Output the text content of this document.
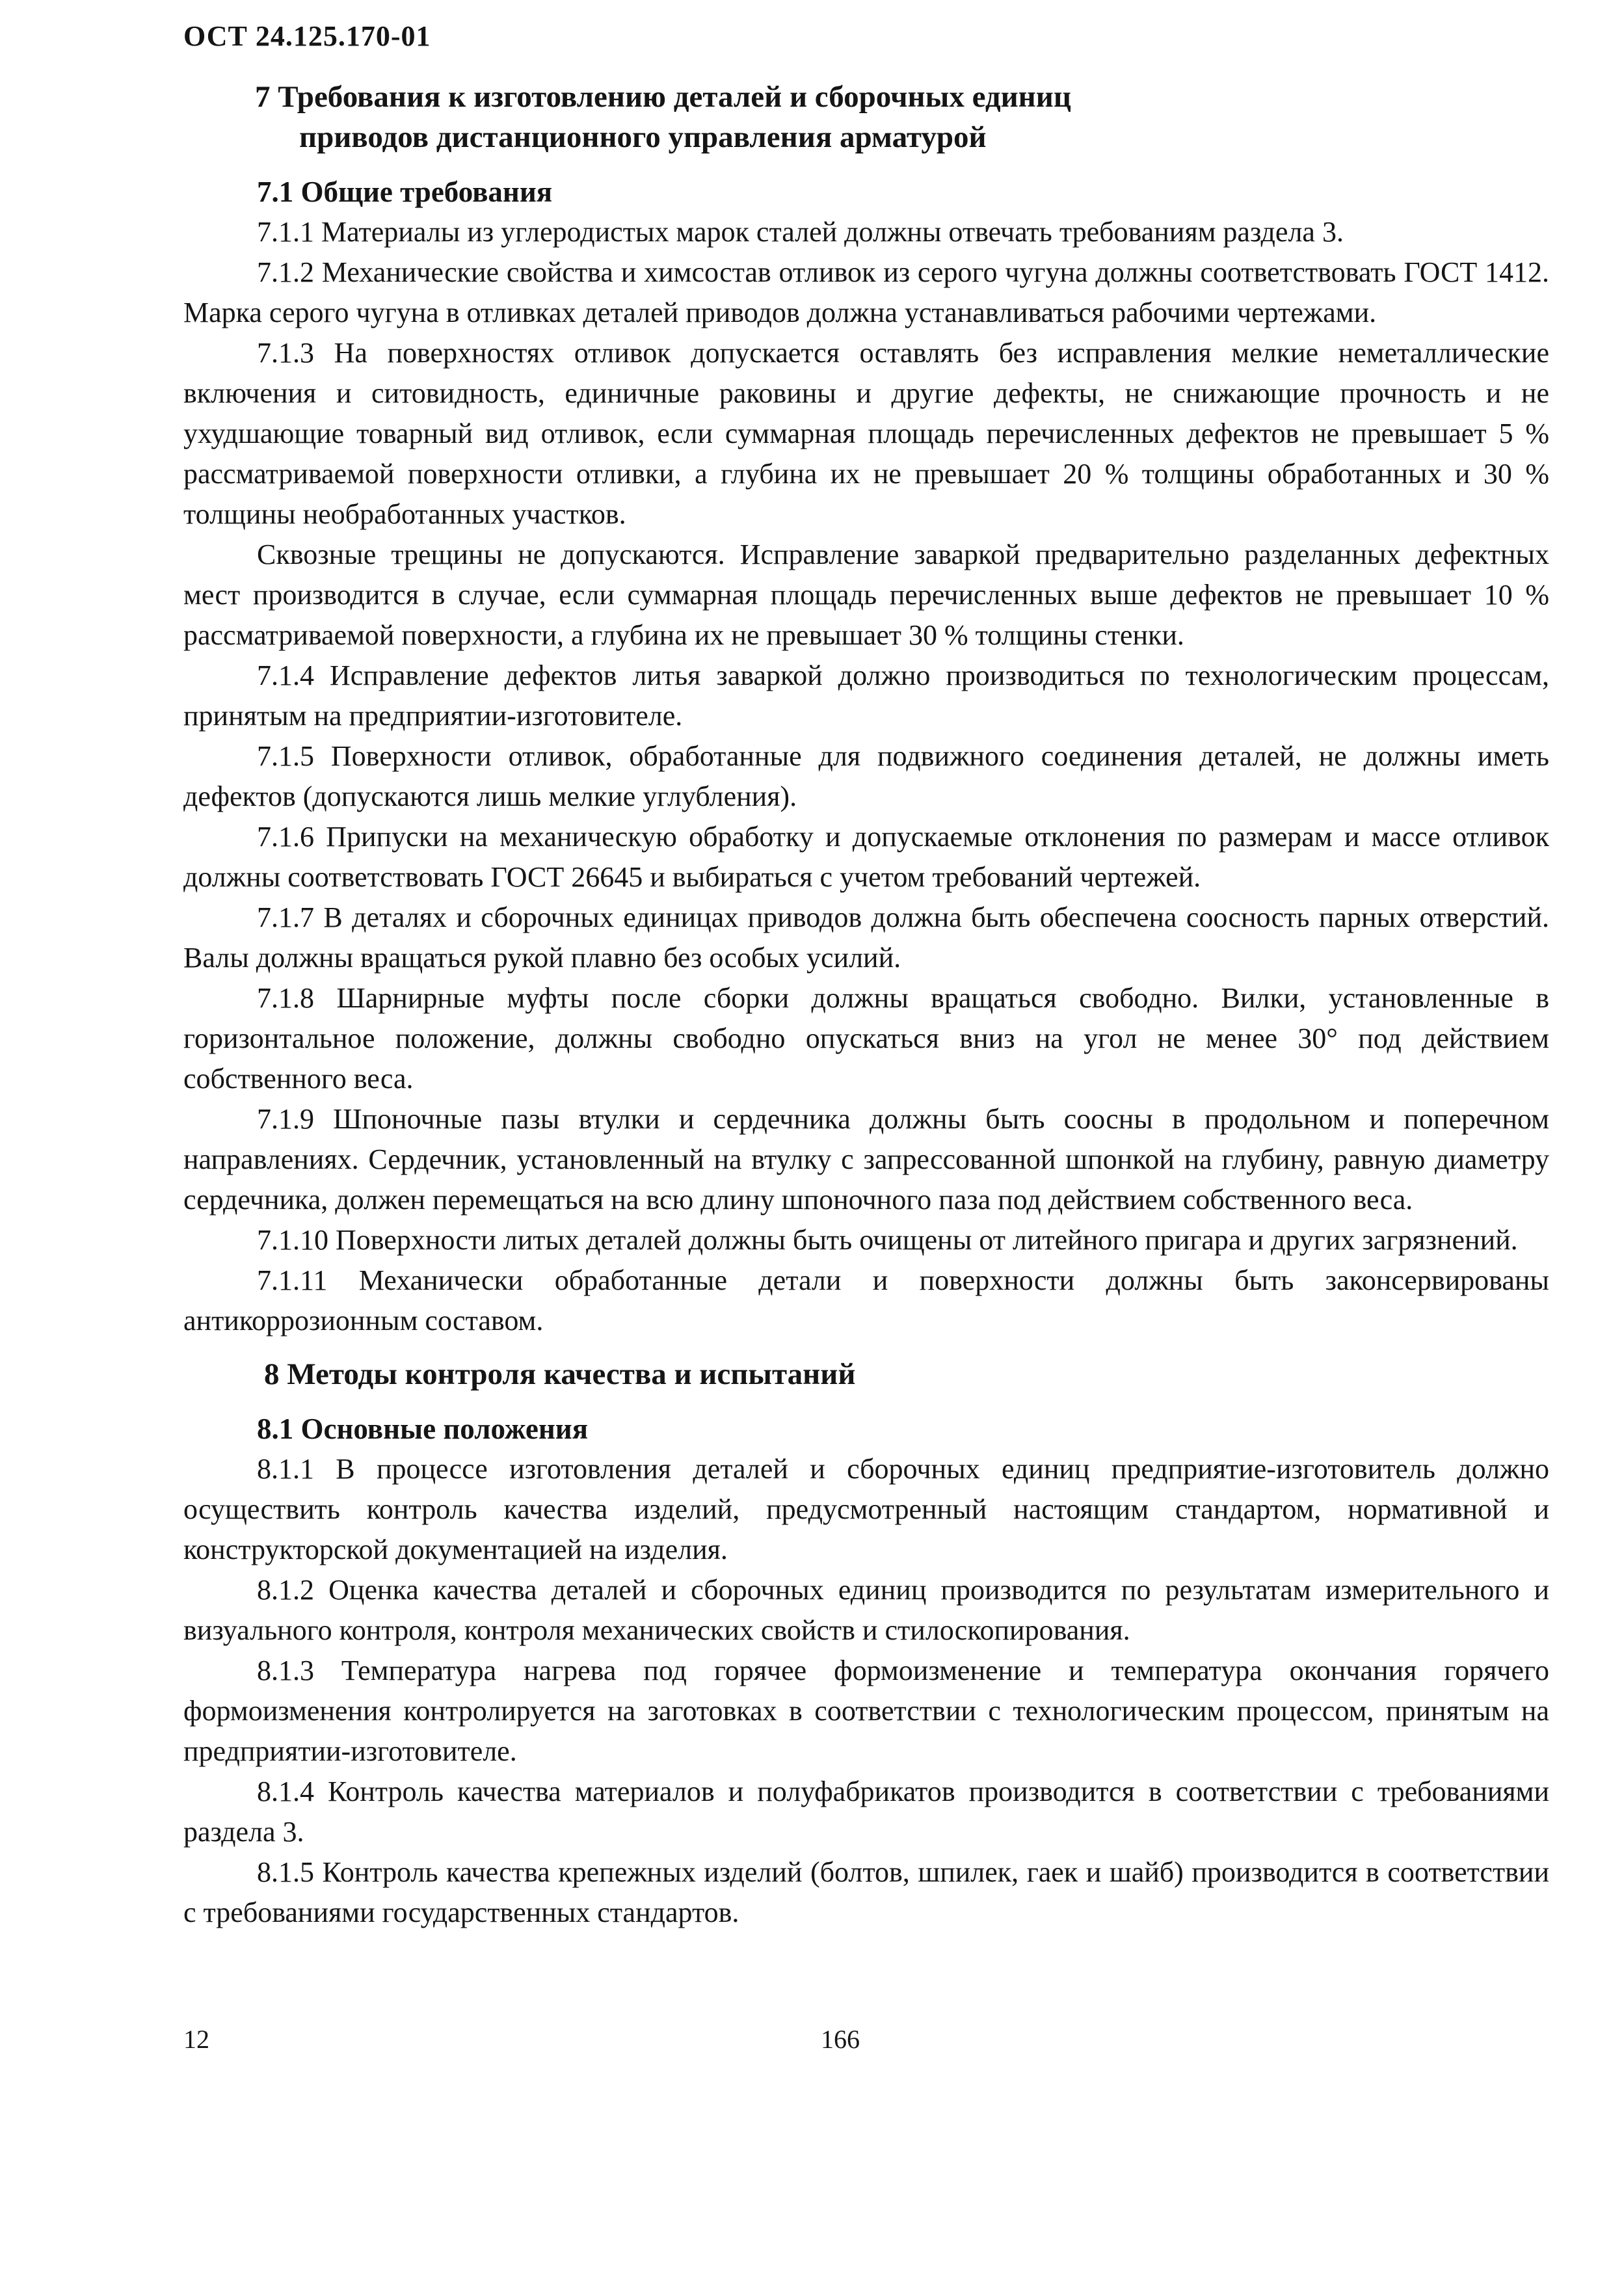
ОСТ 24.125.170-01
7 Требования к изготовлению деталей и сборочных единиц
приводов дистанционного управления арматурой
7.1 Общие требования

7.1.1 Материалы из углеродистых марок сталей должны отвечать требованиям раздела 3.

7.1.2 Механические свойства и химсостав отливок из серого чугуна должны соответствовать ГОСТ 1412. Марка серого чугуна в отливках деталей приводов должна устанавливаться рабочими чертежами.

7.1.3 На поверхностях отливок допускается оставлять без исправления мелкие неметаллические включения и ситовидность, единичные раковины и другие дефекты, не снижающие прочность и не ухудшающие товарный вид отливок, если суммарная площадь перечисленных дефектов не превышает 5 % рассматриваемой поверхности отливки, а глубина их не превышает 20 % толщины обработанных и 30 % толщины необработанных участков.

Сквозные трещины не допускаются. Исправление заваркой предварительно разделанных дефектных мест производится в случае, если суммарная площадь перечисленных выше дефектов не превышает 10 % рассматриваемой поверхности, а глубина их не превышает 30 % толщины стенки.

7.1.4 Исправление дефектов литья заваркой должно производиться по технологическим процессам, принятым на предприятии-изготовителе.

7.1.5 Поверхности отливок, обработанные для подвижного соединения деталей, не должны иметь дефектов (допускаются лишь мелкие углубления).

7.1.6 Припуски на механическую обработку и допускаемые отклонения по размерам и массе отливок должны соответствовать ГОСТ 26645 и выбираться с учетом требований чертежей.

7.1.7 В деталях и сборочных единицах приводов должна быть обеспечена соосность парных отверстий. Валы должны вращаться рукой плавно без особых усилий.

7.1.8 Шарнирные муфты после сборки должны вращаться свободно. Вилки, установленные в горизонтальное положение, должны свободно опускаться вниз на угол не менее 30° под действием собственного веса.

7.1.9 Шпоночные пазы втулки и сердечника должны быть соосны в продольном и поперечном направлениях. Сердечник, установленный на втулку с запрессованной шпонкой на глубину, равную диаметру сердечника, должен перемещаться на всю длину шпоночного паза под действием собственного веса.

7.1.10 Поверхности литых деталей должны быть очищены от литейного пригара и других загрязнений.

7.1.11 Механически обработанные детали и поверхности должны быть законсервированы антикоррозионным составом.

8 Методы контроля качества и испытаний
8.1 Основные положения

8.1.1 В процессе изготовления деталей и сборочных единиц предприятие-изготовитель должно осуществить контроль качества изделий, предусмотренный настоящим стандартом, нормативной и конструкторской документацией на изделия.

8.1.2 Оценка качества деталей и сборочных единиц производится по результатам измерительного и визуального контроля, контроля механических свойств и стилоскопирования.

8.1.3 Температура нагрева под горячее формоизменение и температура окончания горячего формоизменения контролируется на заготовках в соответствии с технологическим процессом, принятым на предприятии-изготовителе.

8.1.4 Контроль качества материалов и полуфабрикатов производится в соответствии с требованиями раздела 3.

8.1.5 Контроль качества крепежных изделий (болтов, шпилек, гаек и шайб) производится в соответствии с требованиями государственных стандартов.

12	166
